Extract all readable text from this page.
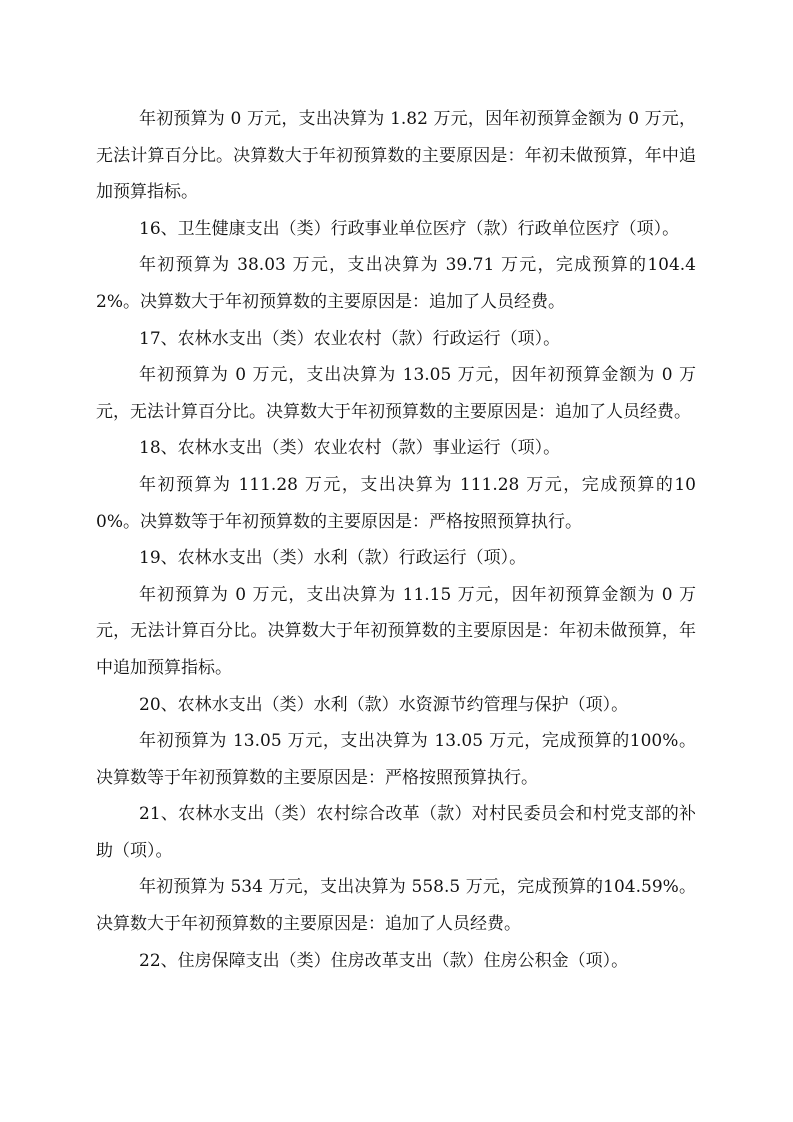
年初预算为 0 万元，支出决算为 1.82 万元，因年初预算金额为 0 万元，无法计算百分比。决算数大于年初预算数的主要原因是：年初未做预算，年中追加预算指标。

16、卫生健康支出（类）行政事业单位医疗（款）行政单位医疗（项）。

年初预算为 38.03 万元，支出决算为 39.71 万元，完成预算的104.42%。决算数大于年初预算数的主要原因是：追加了人员经费。

17、农林水支出（类）农业农村（款）行政运行（项）。

年初预算为 0 万元，支出决算为 13.05 万元，因年初预算金额为 0 万元，无法计算百分比。决算数大于年初预算数的主要原因是：追加了人员经费。

18、农林水支出（类）农业农村（款）事业运行（项）。

年初预算为 111.28 万元，支出决算为 111.28 万元，完成预算的100%。决算数等于年初预算数的主要原因是：严格按照预算执行。

19、农林水支出（类）水利（款）行政运行（项）。

年初预算为 0 万元，支出决算为 11.15 万元，因年初预算金额为 0 万元，无法计算百分比。决算数大于年初预算数的主要原因是：年初未做预算，年中追加预算指标。

20、农林水支出（类）水利（款）水资源节约管理与保护（项）。

年初预算为 13.05 万元，支出决算为 13.05 万元，完成预算的100%。决算数等于年初预算数的主要原因是：严格按照预算执行。

21、农林水支出（类）农村综合改革（款）对村民委员会和村党支部的补助（项）。

年初预算为 534 万元，支出决算为 558.5 万元，完成预算的104.59%。决算数大于年初预算数的主要原因是：追加了人员经费。

22、住房保障支出（类）住房改革支出（款）住房公积金（项）。
